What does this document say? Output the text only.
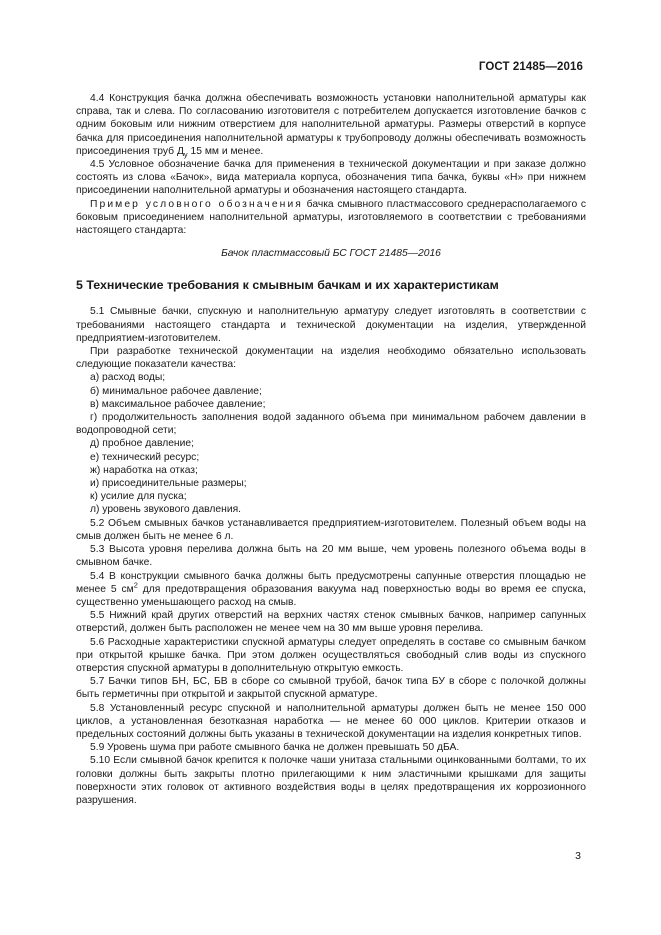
ГОСТ 21485—2016

4.4 Конструкция бачка должна обеспечивать возможность установки наполнительной арматуры как справа, так и слева. По согласованию изготовителя с потребителем допускается изготовление бачков с одним боковым или нижним отверстием для наполнительной арматуры. Размеры отверстий в корпусе бачка для присоединения наполнительной арматуры к трубопроводу должны обеспечивать возможность присоединения труб $Д_у$ 15 мм и менее.

4.5 Условное обозначение бачка для применения в технической документации и при заказе должно состоять из слова «Бачок», вида материала корпуса, обозначения типа бачка, буквы «Н» при нижнем присоединении наполнительной арматуры и обозначения настоящего стандарта.

Пример условного обозначения бачка смывного пластмассового среднерасполагаемого с боковым присоединением наполнительной арматуры, изготовляемого в соответствии с требованиями настоящего стандарта:

Бачок пластмассовый БС ГОСТ 21485—2016

5 Технические требования к смывным бачкам и их характеристикам

5.1 Смывные бачки, спускную и наполнительную арматуру следует изготовлять в соответствии с требованиями настоящего стандарта и технической документации на изделия, утвержденной предприятием-изготовителем.

При разработке технической документации на изделия необходимо обязательно использовать следующие показатели качества:

а) расход воды;

б) минимальное рабочее давление;

в) максимальное рабочее давление;

г) продолжительность заполнения водой заданного объема при минимальном рабочем давлении в водопроводной сети;

д) пробное давление;

е) технический ресурс;

ж) наработка на отказ;

и) присоединительные размеры;

к) усилие для пуска;

л) уровень звукового давления.

5.2 Объем смывных бачков устанавливается предприятием-изготовителем. Полезный объем воды на смыв должен быть не менее 6 л.

5.3 Высота уровня перелива должна быть на 20 мм выше, чем уровень полезного объема воды в смывном бачке.

5.4 В конструкции смывного бачка должны быть предусмотрены сапунные отверстия площадью не менее 5 $см^2$ для предотвращения образования вакуума над поверхностью воды во время ее спуска, существенно уменьшающего расход на смыв.

5.5 Нижний край других отверстий на верхних частях стенок смывных бачков, например сапунных отверстий, должен быть расположен не менее чем на 30 мм выше уровня перелива.

5.6 Расходные характеристики спускной арматуры следует определять в составе со смывным бачком при открытой крышке бачка. При этом должен осуществляться свободный слив воды из спускного отверстия спускной арматуры в дополнительную открытую емкость.

5.7 Бачки типов БН, БС, БВ в сборе со смывной трубой, бачок типа БУ в сборе с полочкой должны быть герметичны при открытой и закрытой спускной арматуре.

5.8 Установленный ресурс спускной и наполнительной арматуры должен быть не менее 150 000 циклов, а установленная безотказная наработка — не менее 60 000 циклов. Критерии отказов и предельных состояний должны быть указаны в технической документации на изделия конкретных типов.

5.9 Уровень шума при работе смывного бачка не должен превышать 50 дБА.

5.10 Если смывной бачок крепится к полочке чаши унитаза стальными оцинкованными болтами, то их головки должны быть закрыты плотно прилегающими к ним эластичными крышками для защиты поверхности этих головок от активного воздействия воды в целях предотвращения их коррозионного разрушения.

3
